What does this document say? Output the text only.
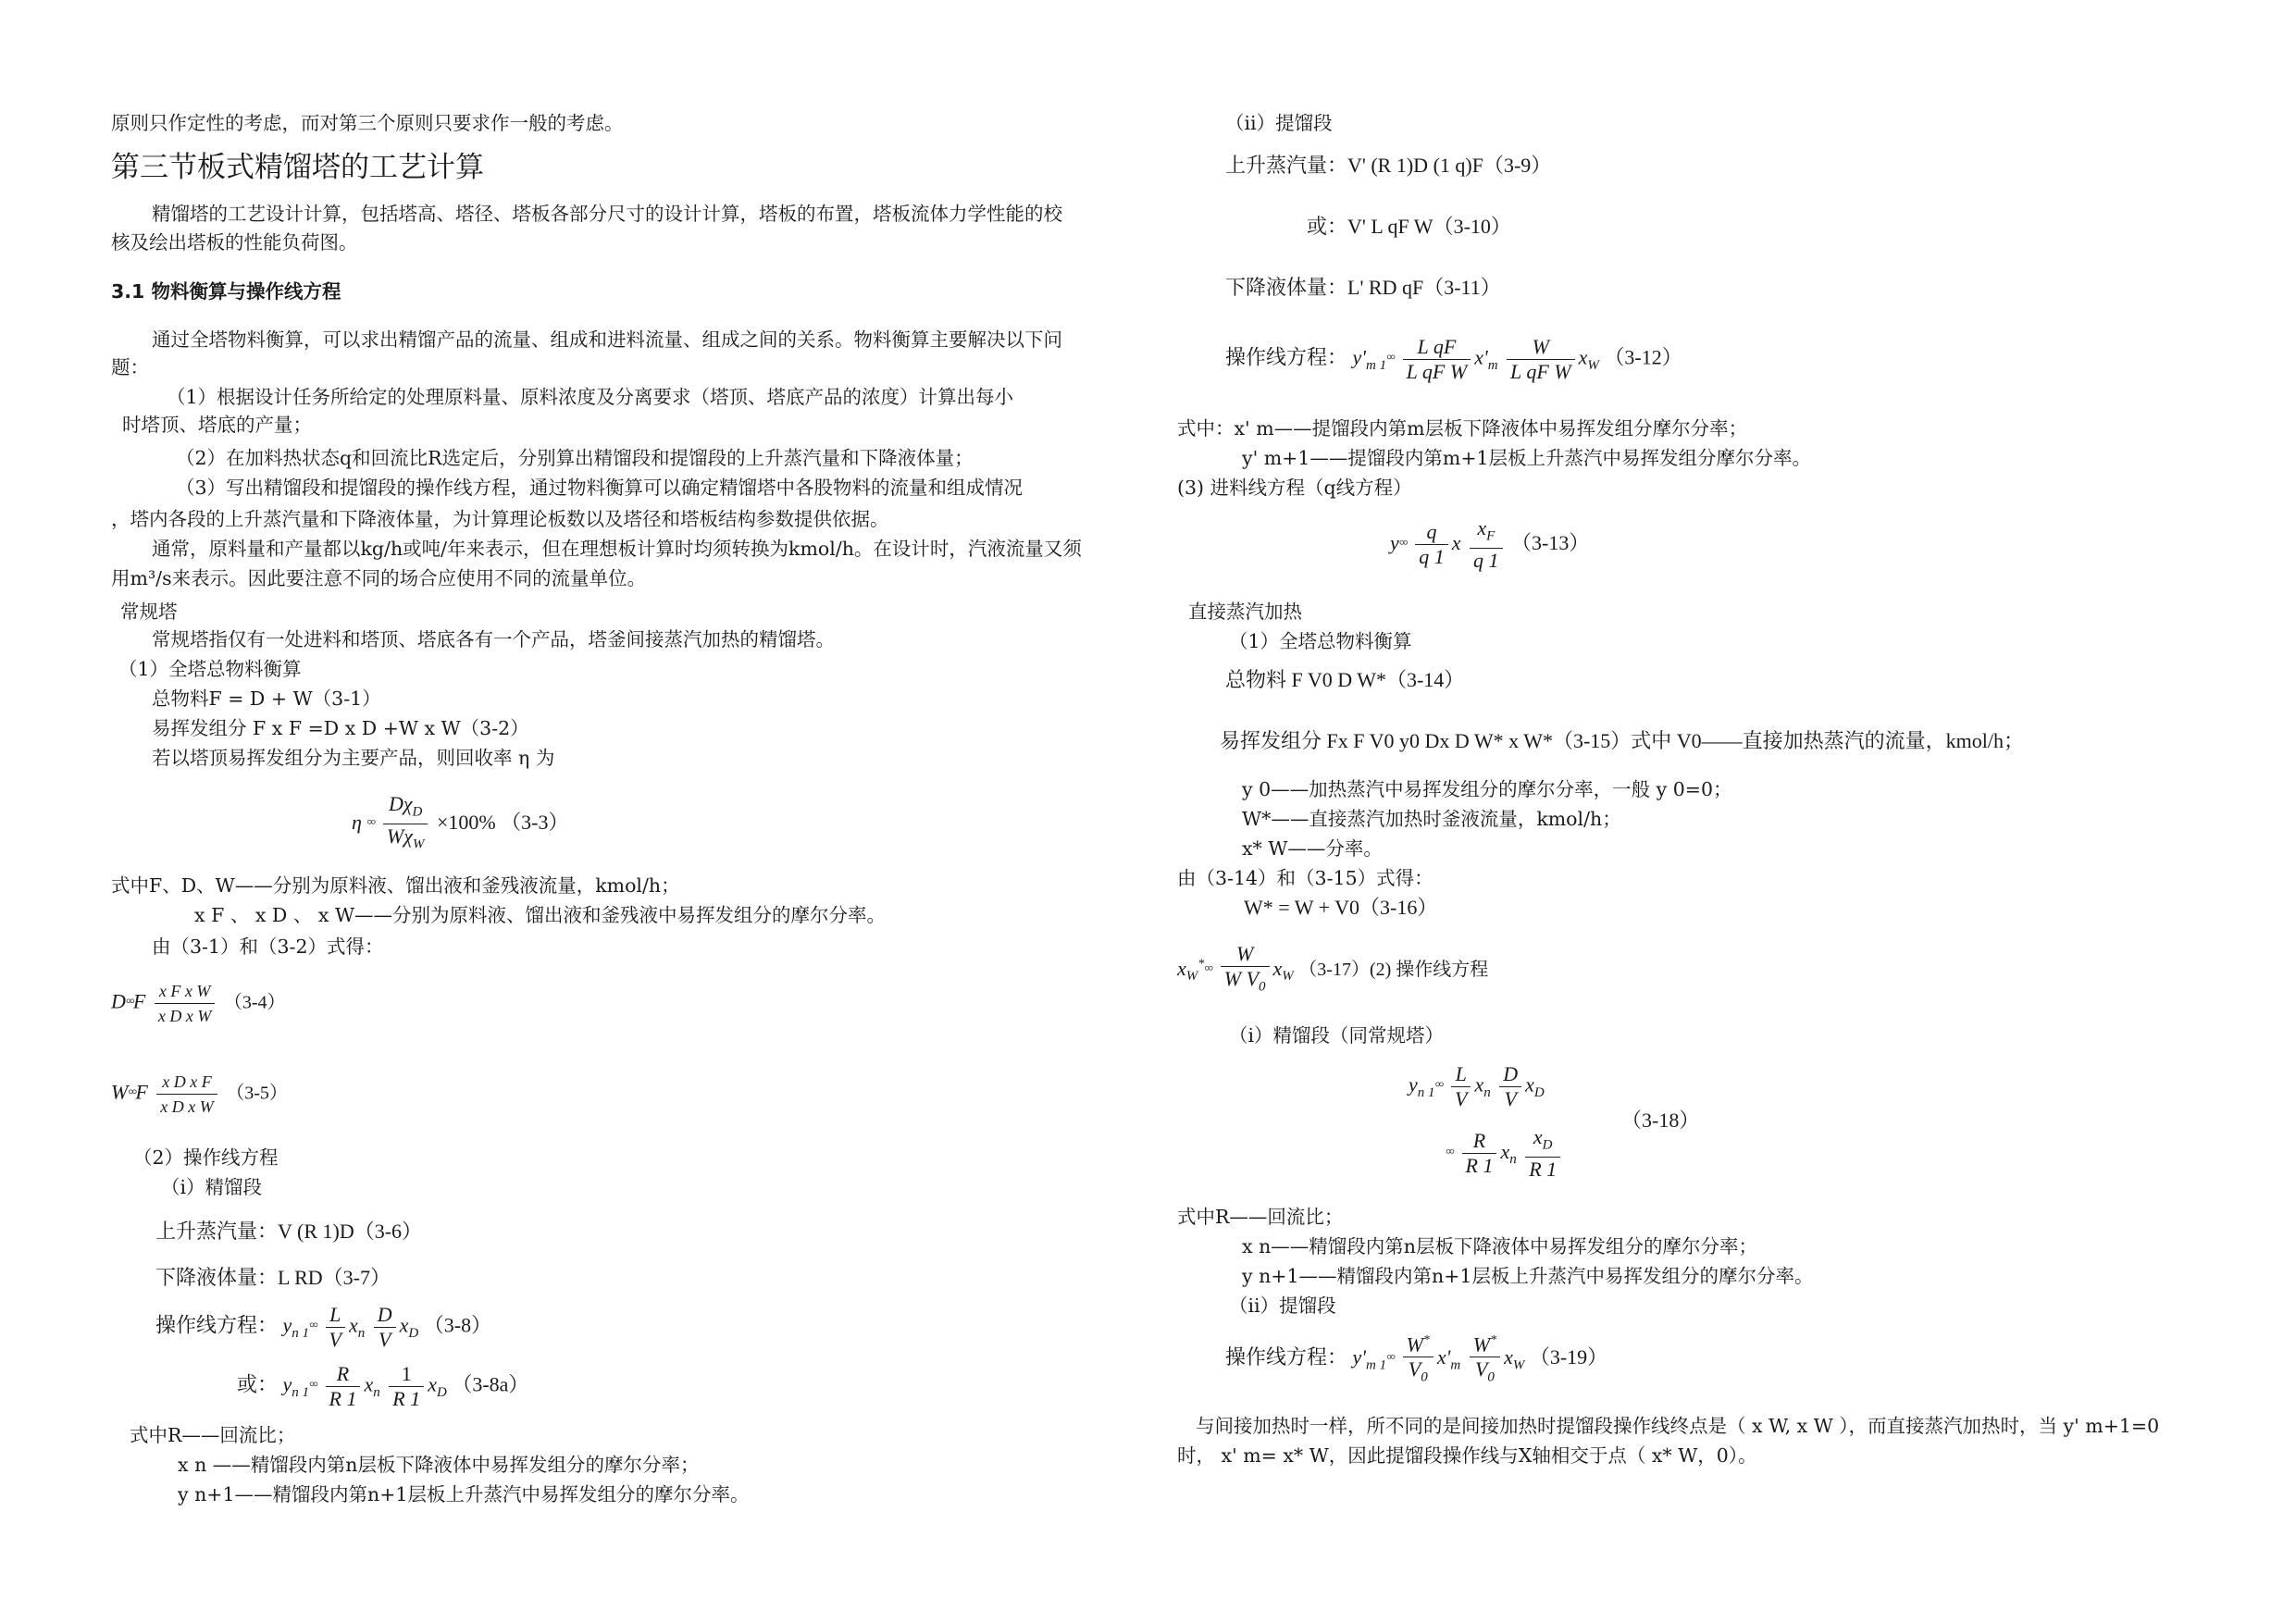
原则只作定性的考虑，而对第三个原则只要求作一般的考虑。
第三节板式精馏塔的工艺计算
精馏塔的工艺设计计算，包括塔高、塔径、塔板各部分尺寸的设计计算，塔板的布置，塔板流体力学性能的校
核及绘出塔板的性能负荷图。
3.1 物料衡算与操作线方程
通过全塔物料衡算，可以求出精馏产品的流量、组成和进料流量、组成之间的关系。物料衡算主要解决以下问
题：
（1）根据设计任务所给定的处理原料量、原料浓度及分离要求（塔顶、塔底产品的浓度）计算出每小
时塔顶、塔底的产量；
（2）在加料热状态q和回流比R选定后，分别算出精馏段和提馏段的上升蒸汽量和下降液体量；
（3）写出精馏段和提馏段的操作线方程，通过物料衡算可以确定精馏塔中各股物料的流量和组成情况
，塔内各段的上升蒸汽量和下降液体量，为计算理论板数以及塔径和塔板结构参数提供依据。
通常，原料量和产量都以kg/h或吨/年来表示，但在理想板计算时均须转换为kmol/h。在设计时，汽液流量又须
用m³/s来表示。因此要注意不同的场合应使用不同的流量单位。
常规塔
常规塔指仅有一处进料和塔顶、塔底各有一个产品，塔釜间接蒸汽加热的精馏塔。
（1）全塔总物料衡算
总物料F = D + W（3-1）
易挥发组分 F x F =D x D +W x W（3-2）
若以塔顶易挥发组分为主要产品，则回收率 η 为
η °° $\frac{D\chi_D}{W\chi_W} \times 100\%$ （3-3）
式中F、D、W——分别为原料液、馏出液和釜残液流量，kmol/h；
x F 、 x D 、 x W——分别为原料液、馏出液和釜残液中易挥发组分的摩尔分率。
由（3-1）和（3-2）式得：
$D^\circ^\circ F \frac{\text{x F x W}}{\text{x D x W}} (3-4)$
$W^\circ^\circ F \frac{\text{x D x F}}{\text{x D x W}} (3-5)$
（2）操作线方程
（ⅰ）精馏段
上升蒸汽量：V (R 1)D（3-6）
下降液体量：L RD（3-7）
操作线方程： $y_{n 1}^\circ^\circ \frac{L}{V} x_n \frac{D}{V} x_D$ （3-8）
或： $y_{n 1}^\circ^\circ \frac{R}{R 1} x_n \frac{1}{R 1} x_D$ （3-8a）
式中R——回流比；
x n ——精馏段内第n层板下降液体中易挥发组分的摩尔分率；
y n+1——精馏段内第n+1层板上升蒸汽中易挥发组分的摩尔分率。
（ⅱ）提馏段
上升蒸汽量：V' (R 1)D (1 q)F（3-9）
或：V' L qF W（3-10）
下降液体量：L' RD qF（3-11）
操作线方程： $y'_{m 1}^\circ^\circ \frac{\text{L qF}}{\text{L qF W}} x'_m \frac{W}{\text{L qF W}} x_W$ （3-12）
式中：x' m——提馏段内第m层板下降液体中易挥发组分摩尔分率；
y' m+1——提馏段内第m+1层板上升蒸汽中易挥发组分摩尔分率。
(3) 进料线方程（q线方程）
$y^\circ^\circ \frac{q}{q 1}$ x $\frac{x_F}{q 1} (3-13)$
直接蒸汽加热
（1）全塔总物料衡算
总物料 F V0 D W*（3-14）
易挥发组分 Fx F V0 y0 Dx D W* x W*（3-15）式中 V0——直接加热蒸汽的流量，kmol/h；
y 0——加热蒸汽中易挥发组分的摩尔分率，一般 y 0=0；
W*——直接蒸汽加热时釜液流量，kmol/h；
x* W——分率。
由（3-14）和（3-15）式得：
W* = W + V0（3-16）
$x_W^*^\circ^\circ \frac{W}{W V_0} x_W$ （3-17）(2) 操作线方程
（ⅰ）精馏段（同常规塔）
$y_{n 1}^\circ^\circ \frac{L}{V} x_n \frac{D}{V} x_D$
°° $\frac{R}{R 1} x_n \frac{x_D}{R 1}$
（3-18）
式中R——回流比；
x n——精馏段内第n层板下降液体中易挥发组分的摩尔分率；
y n+1——精馏段内第n+1层板上升蒸汽中易挥发组分的摩尔分率。
（ⅱ）提馏段
操作线方程： $y'_{m 1}^\circ^\circ \frac{W^*}{V_0} x'_m \frac{W^*}{V_0} x_W$ （3-19）
与间接加热时一样，所不同的是间接加热时提馏段操作线终点是（ x W, x W ），而直接蒸汽加热时，当 y' m+1=0
时， x' m= x* W，因此提馏段操作线与X轴相交于点（ x* W，0）。
